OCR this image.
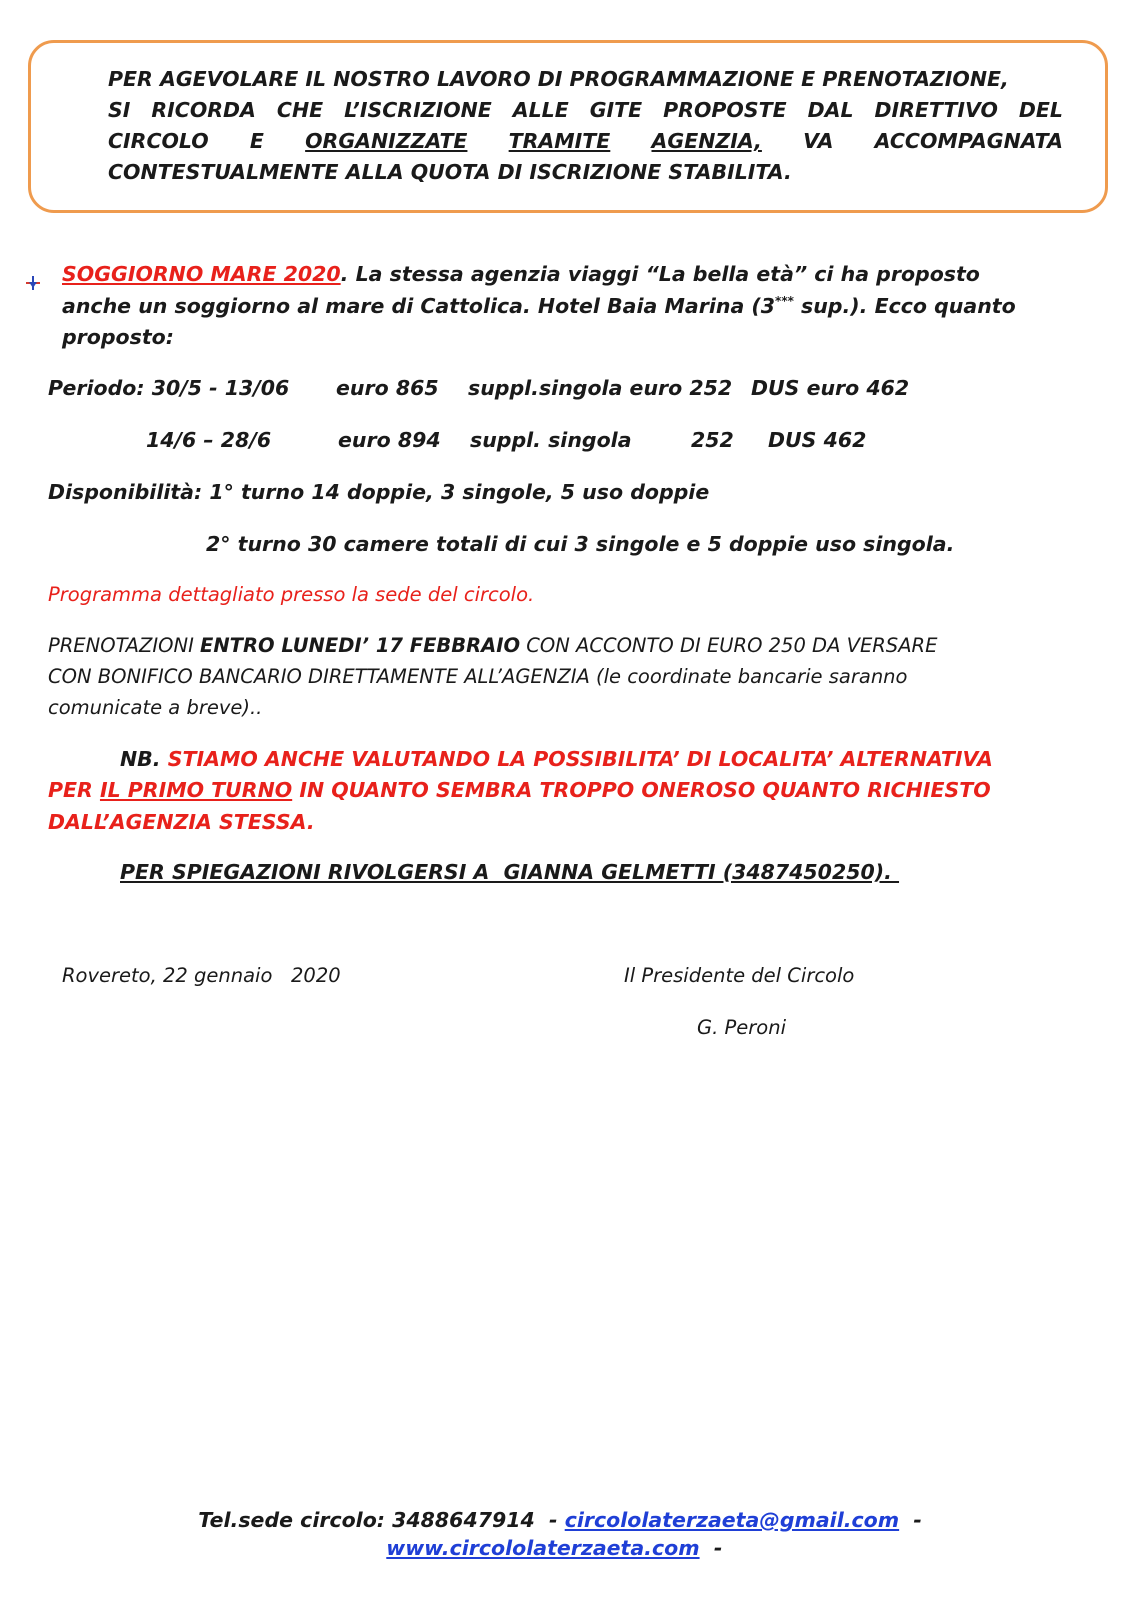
PER AGEVOLARE IL NOSTRO LAVORO DI PROGRAMMAZIONE E PRENOTAZIONE,
SI RICORDA CHE L’ISCRIZIONE ALLE GITE PROPOSTE DAL DIRETTIVO DEL
CIRCOLO E ORGANIZZATE TRAMITE AGENZIA, VA ACCOMPAGNATA
CONTESTUALMENTE ALLA QUOTA DI ISCRIZIONE STABILITA.
SOGGIORNO MARE 2020. La stessa agenzia viaggi “La bella età” ci ha proposto
anche un soggiorno al mare di Cattolica. Hotel Baia Marina (3*** sup.). Ecco quanto
proposto:
Periodo: 30/5 - 13/06 euro 865 suppl.singola euro 252 DUS euro 462
14/6 – 28/6	euro 894 suppl. singola	252 DUS 462
Disponibilità: 1° turno 14 doppie, 3 singole, 5 uso doppie
2° turno 30 camere totali di cui 3 singole e 5 doppie uso singola.
Programma dettagliato presso la sede del circolo.
PRENOTAZIONI ENTRO LUNEDI’ 17 FEBBRAIO CON ACCONTO DI EURO 250 DA VERSARE
CON BONIFICO BANCARIO DIRETTAMENTE ALL’AGENZIA (le coordinate bancarie saranno
comunicate a breve)..
NB. STIAMO ANCHE VALUTANDO LA POSSIBILITA’ DI LOCALITA’ ALTERNATIVA
PER IL PRIMO TURNO IN QUANTO SEMBRA TROPPO ONEROSO QUANTO RICHIESTO
DALL’AGENZIA STESSA.
PER SPIEGAZIONI RIVOLGERSI A  GIANNA GELMETTI (3487450250).
Rovereto, 22 gennaio   2020	Il Presidente del Circolo
G. Peroni

Tel.sede circolo: 3488647914  - circololaterzaeta@gmail.com  -

www.circololaterzaeta.com  -
